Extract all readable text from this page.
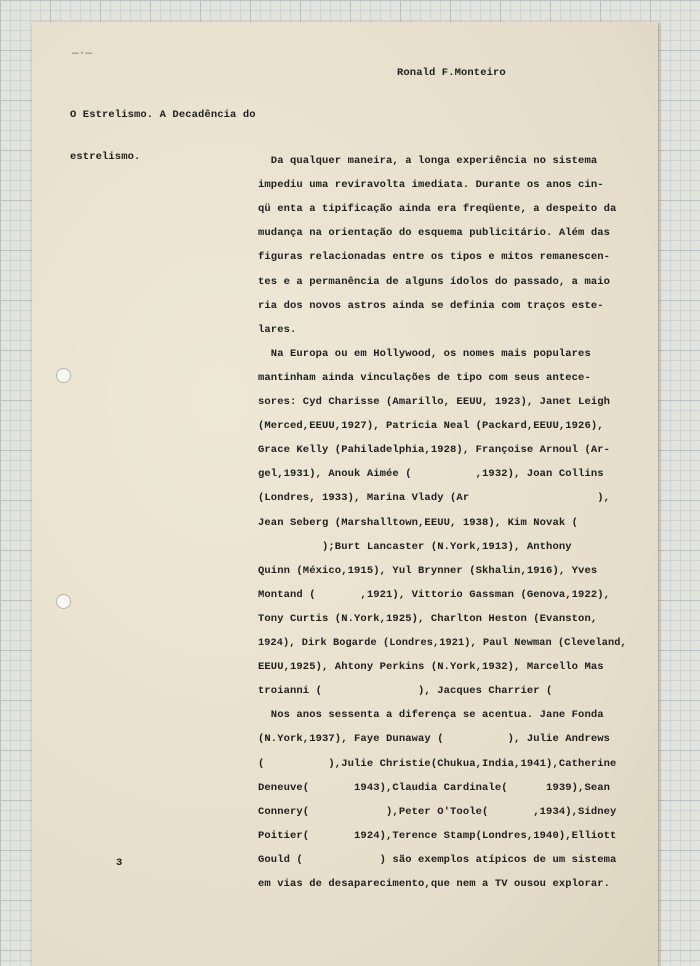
—·—
Ronald F.Monteiro

O Estrelismo. A Decadência do

estrelismo.

	Da qualquer maneira, a longa experiência no sistema
impediu uma reviravolta imediata. Durante os anos cin-
qü enta a tipificação ainda era freqüente, a despeito da
mudança na orientação do esquema publicitário. Além das
figuras relacionadas entre os tipos e mitos remanescen-
tes e a permanência de alguns ídolos do passado, a maio
ria dos novos astros ainda se definia com traços este-
lares.
Na Europa ou em Hollywood, os nomes mais populares
mantinham ainda vinculações de tipo com seus antece-
sores: Cyd Charisse (Amarillo, EEUU, 1923), Janet Leigh
(Merced,EEUU,1927), Patricia Neal (Packard,EEUU,1926),
Grace Kelly (Pahiladelphia,1928), Françoise Arnoul (Ar-
gel,1931), Anouk Aimée (          ,1932), Joan Collins
(Londres, 1933), Marina Vlady (Ar                    ),
Jean Seberg (Marshalltown,EEUU, 1938), Kim Novak (
);Burt Lancaster (N.York,1913), Anthony
Quinn (México,1915), Yul Brynner (Skhalin,1916), Yves
Montand (       ,1921), Vittorio Gassman (Genova,1922),
Tony Curtis (N.York,1925), Charlton Heston (Evanston,
1924), Dirk Bogarde (Londres,1921), Paul Newman (Cleveland,
EEUU,1925), Ahtony Perkins (N.York,1932), Marcello Mas
troianni (               ), Jacques Charrier (
Nos anos sessenta a diferença se acentua. Jane Fonda
(N.York,1937), Faye Dunaway (          ), Julie Andrews
(          ),Julie Christie(Chukua,India,1941),Catherine
Deneuve(       1943),Claudia Cardinale(      1939),Sean
Connery(            ),Peter O'Toole(       ,1934),Sidney
Poitier(       1924),Terence Stamp(Londres,1940),Elliott
Gould (            ) são exemplos atípicos de um sistema
em vias de desaparecimento,que nem a TV ousou explorar.
3
